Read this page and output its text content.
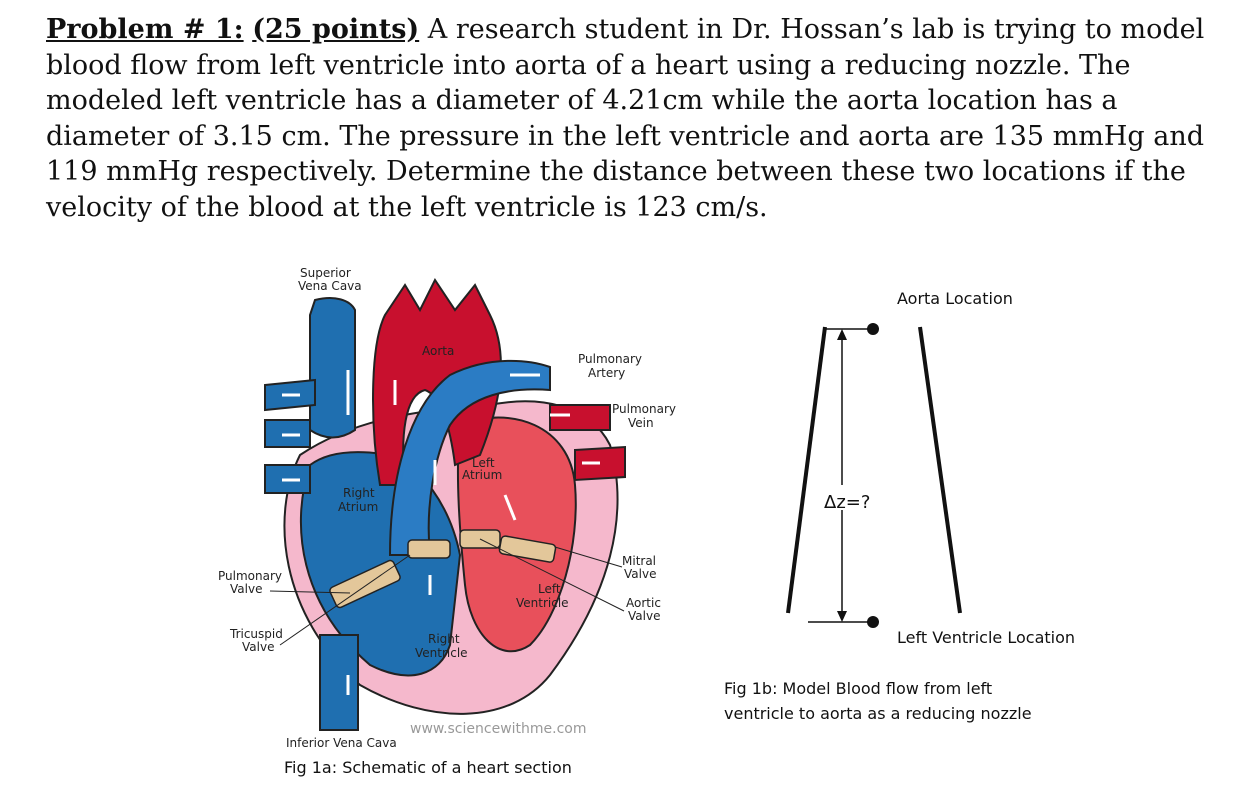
Problem # 1: (25 points) A research student in Dr. Hossan’s lab is trying to model blood flow from left ventricle into aorta of a heart using a reducing nozzle. The modeled left ventricle has a diameter of 4.21cm while the aorta location has a diameter of 3.15 cm. The pressure in the left ventricle and aorta are 135 mmHg and 119 mmHg respectively. Determine the distance between these two locations if the velocity of the blood at the left ventricle is 123 cm/s.
Superior
Vena Cava
Aorta
Pulmonary
Artery
Pulmonary
Vein
Left
Atrium
Right
Atrium
Mitral
Valve
Pulmonary
Valve	Left
Ventricle	Aortic
Valve
Tricuspid
Valve
Right
Ventricle
www.sciencewithme.com
Inferior Vena Cava
Fig 1a: Schematic of a heart section
Δz=?
Aorta Location
Left Ventricle Location
Fig 1b: Model Blood flow from left
ventricle to aorta as a reducing nozzle
